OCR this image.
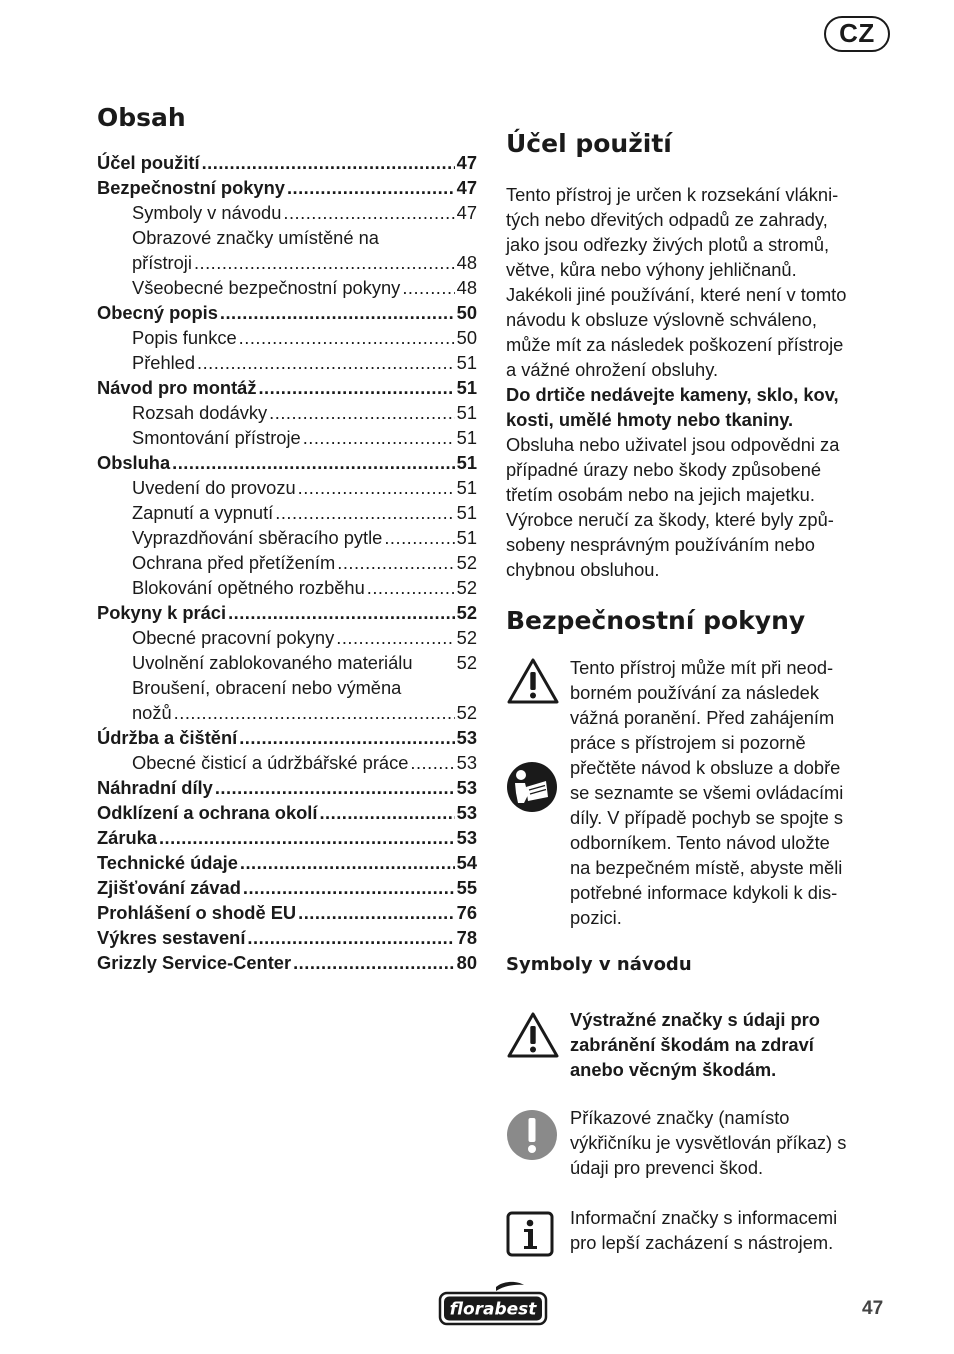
CZ
Obsah
Účel použití .....	47
Bezpečnostní pokyny .....	47
Symboly v návodu .....	47
Obrazové značky umístěné na
přístroji .....	48
Všeobecné bezpečnostní pokyny .....	48
Obecný popis .....	50
Popis funkce .....	50
Přehled .....	51
Návod pro montáž .....	51
Rozsah dodávky .....	51
Smontování přístroje .....	51
Obsluha .....	51
Uvedení do provozu .....	51
Zapnutí a vypnutí .....	51
Vyprazdňování sběracího pytle .....	51
Ochrana před přetížením .....	52
Blokování opětného rozběhu .....	52
Pokyny k práci .....	52
Obecné pracovní pokyny .....	52
Uvolnění zablokovaného materiálu 52
Broušení, obracení nebo výměna
nožů .....	52
Údržba a čištění .....	53
Obecné čisticí a údržbářské práce .....	53
Náhradní díly .....	53
Odklízení a ochrana okolí .....	53
Záruka .....	53
Technické údaje .....	54
Zjišťování závad .....	55
Prohlášení o shodě EU .....	76
Výkres sestavení .....	78
Grizzly Service-Center .....	80
Účel použití

Tento přístroj je určen k rozsekání vlákni-

tých nebo dřevitých odpadů ze zahrady,

jako jsou odřezky živých plotů a stromů,

větve, kůra nebo výhony jehličnanů.

Jakékoli jiné používání, které není v tomto

návodu k obsluze výslovně schváleno,

může mít za následek poškození přístroje

a vážné ohrožení obsluhy.

Do drtiče nedávejte kameny, sklo, kov,

kosti, umělé hmoty nebo tkaniny.

Obsluha nebo uživatel jsou odpovědni za

případné úrazy nebo škody způsobené

třetím osobám nebo na jejich majetku.

Výrobce neručí za škody, které byly způ-

sobeny nesprávným používáním nebo

chybnou obsluhou.

Bezpečnostní pokyny

Tento přístroj může mít při neod-

borném používání za následek

vážná poranění. Před zahájením

práce s přístrojem si pozorně

přečtěte návod k obsluze a dobře

se seznamte se všemi ovládacími

díly. V případě pochyb se spojte s

odborníkem. Tento návod uložte

na bezpečném místě, abyste měli

potřebné informace kdykoli k dis-

pozici.

Symboly v návodu

Výstražné značky s údaji pro

zabránění škodám na zdraví

anebo věcným škodám.

Příkazové značky (namísto

výkřičníku je vysvětlován příkaz) s

údaji pro prevenci škod.

Informační značky s informacemi

pro lepší zacházení s nástrojem.

florabest	47
